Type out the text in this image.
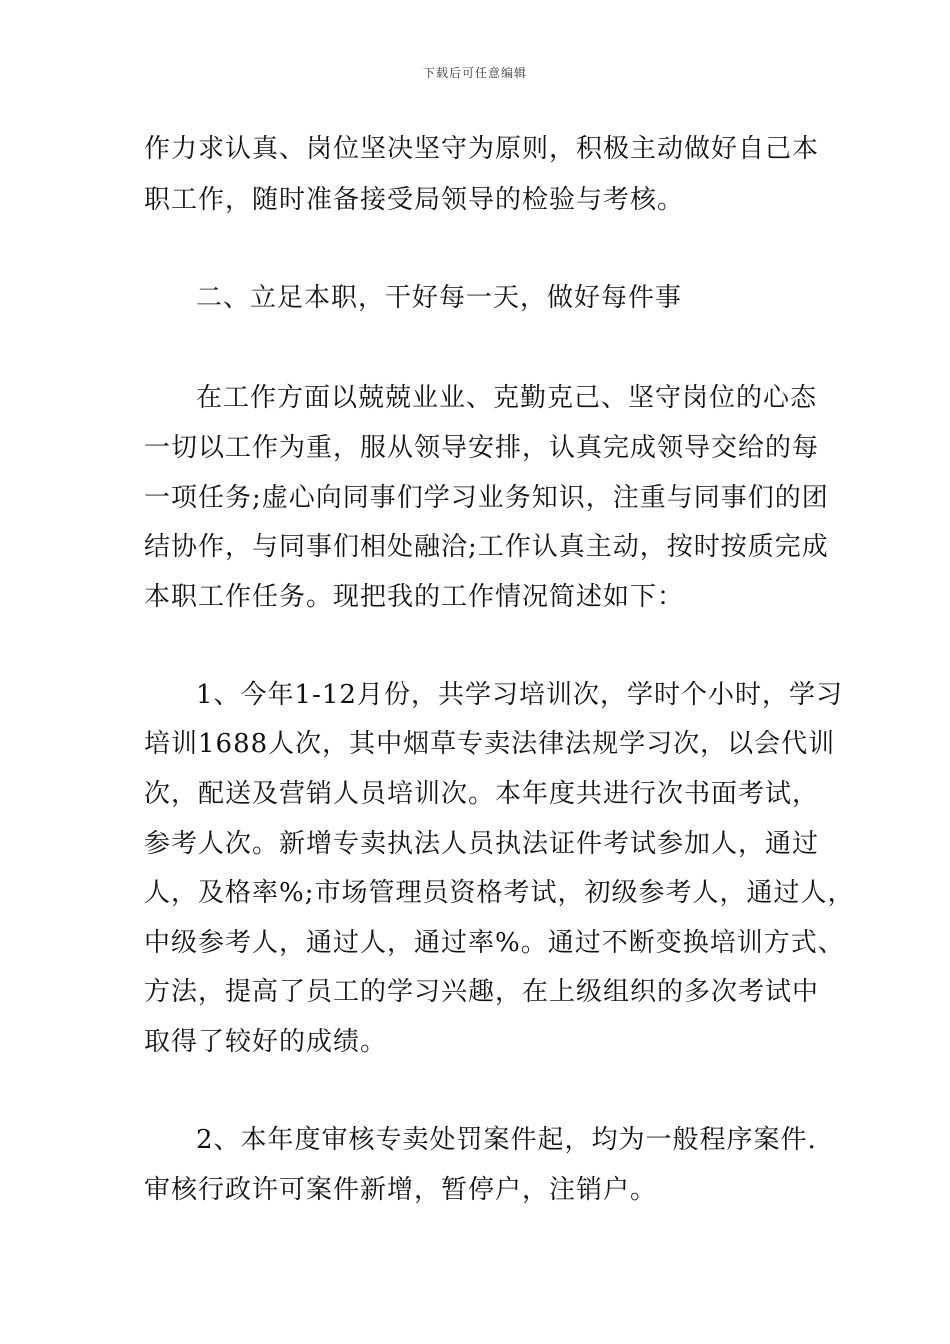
下载后可任意编辑
作力求认真、岗位坚决坚守为原则，积极主动做好自己本
职工作，随时准备接受局领导的检验与考核。
二、立足本职，干好每一天，做好每件事
在工作方面以兢兢业业、克勤克己、坚守岗位的心态
一切以工作为重，服从领导安排，认真完成领导交给的每
一项任务;虚心向同事们学习业务知识，注重与同事们的团
结协作，与同事们相处融洽;工作认真主动，按时按质完成
本职工作任务。现把我的工作情况简述如下：
1、今年1-12月份，共学习培训次，学时个小时，学习
培训1688人次，其中烟草专卖法律法规学习次，以会代训
次，配送及营销人员培训次。本年度共进行次书面考试，
参考人次。新增专卖执法人员执法证件考试参加人，通过
人，及格率%;市场管理员资格考试，初级参考人，通过人，
中级参考人，通过人，通过率%。通过不断变换培训方式、
方法，提高了员工的学习兴趣，在上级组织的多次考试中
取得了较好的成绩。
2、本年度审核专卖处罚案件起，均为一般程序案件.
审核行政许可案件新增，暂停户，注销户。
